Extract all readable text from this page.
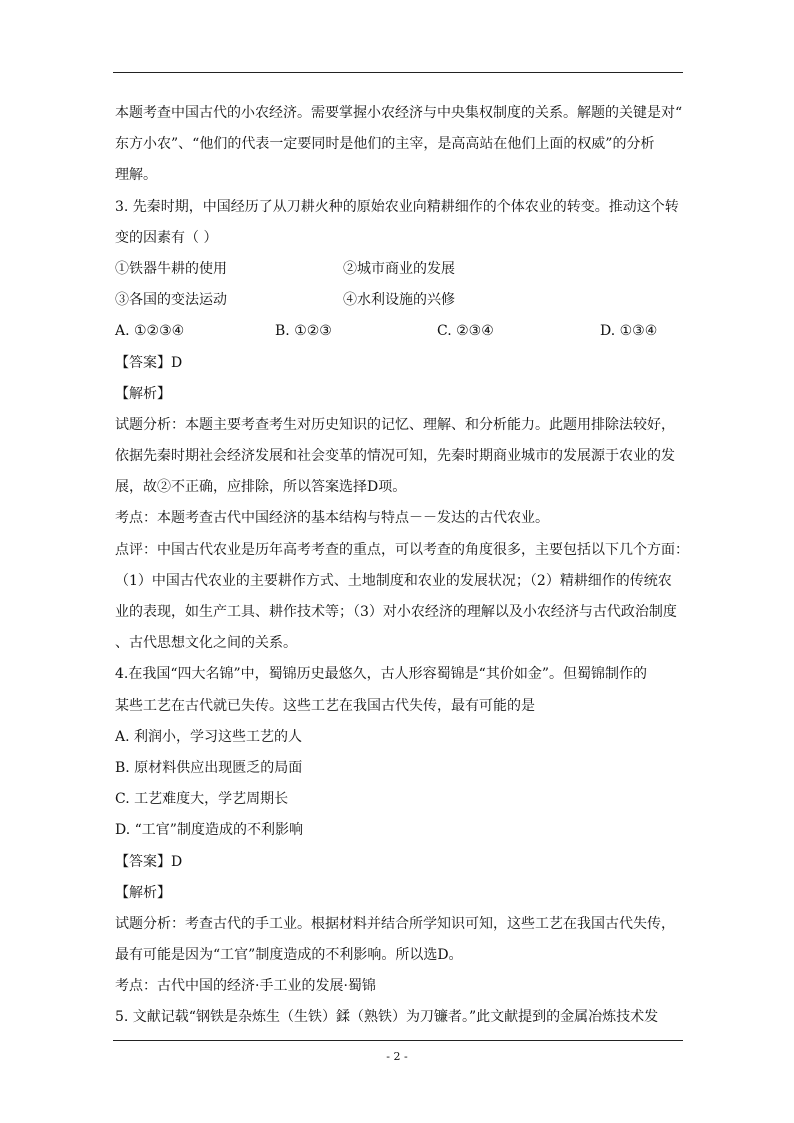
本题考查中国古代的小农经济。需要掌握小农经济与中央集权制度的关系。解题的关键是对“
东方小农”、“他们的代表一定要同时是他们的主宰，是高高站在他们上面的权威”的分析
理解。
3. 先秦时期，中国经历了从刀耕火种的原始农业向精耕细作的个体农业的转变。推动这个转
变的因素有（ ）
①铁器牛耕的使用	②城市商业的发展
③各国的变法运动	④水利设施的兴修
A. ①②③④	B. ①②③	C. ②③④	D. ①③④
【答案】D
【解析】
试题分析：本题主要考查考生对历史知识的记忆、理解、和分析能力。此题用排除法较好，
依据先秦时期社会经济发展和社会变革的情况可知，先秦时期商业城市的发展源于农业的发
展，故②不正确，应排除，所以答案选择D项。
考点：本题考查古代中国经济的基本结构与特点－－发达的古代农业。
点评：中国古代农业是历年高考考查的重点，可以考查的角度很多，主要包括以下几个方面：
（1）中国古代农业的主要耕作方式、土地制度和农业的发展状况；（2）精耕细作的传统农
业的表现，如生产工具、耕作技术等；（3）对小农经济的理解以及小农经济与古代政治制度
、古代思想文化之间的关系。
4.在我国“四大名锦”中，蜀锦历史最悠久，古人形容蜀锦是“其价如金”。但蜀锦制作的
某些工艺在古代就已失传。这些工艺在我国古代失传，最有可能的是
A. 利润小，学习这些工艺的人
B. 原材料供应出现匮乏的局面
C. 工艺难度大，学艺周期长
D. “工官”制度造成的不利影响
【答案】D
【解析】
试题分析：考查古代的手工业。根据材料并结合所学知识可知，这些工艺在我国古代失传，
最有可能是因为“工官”制度造成的不利影响。所以选D。
考点：古代中国的经济·手工业的发展·蜀锦
5. 文献记载“钢铁是杂炼生（生铁）鍒（熟铁）为刀镰者。”此文献提到的金属冶炼技术发
- 2 -
